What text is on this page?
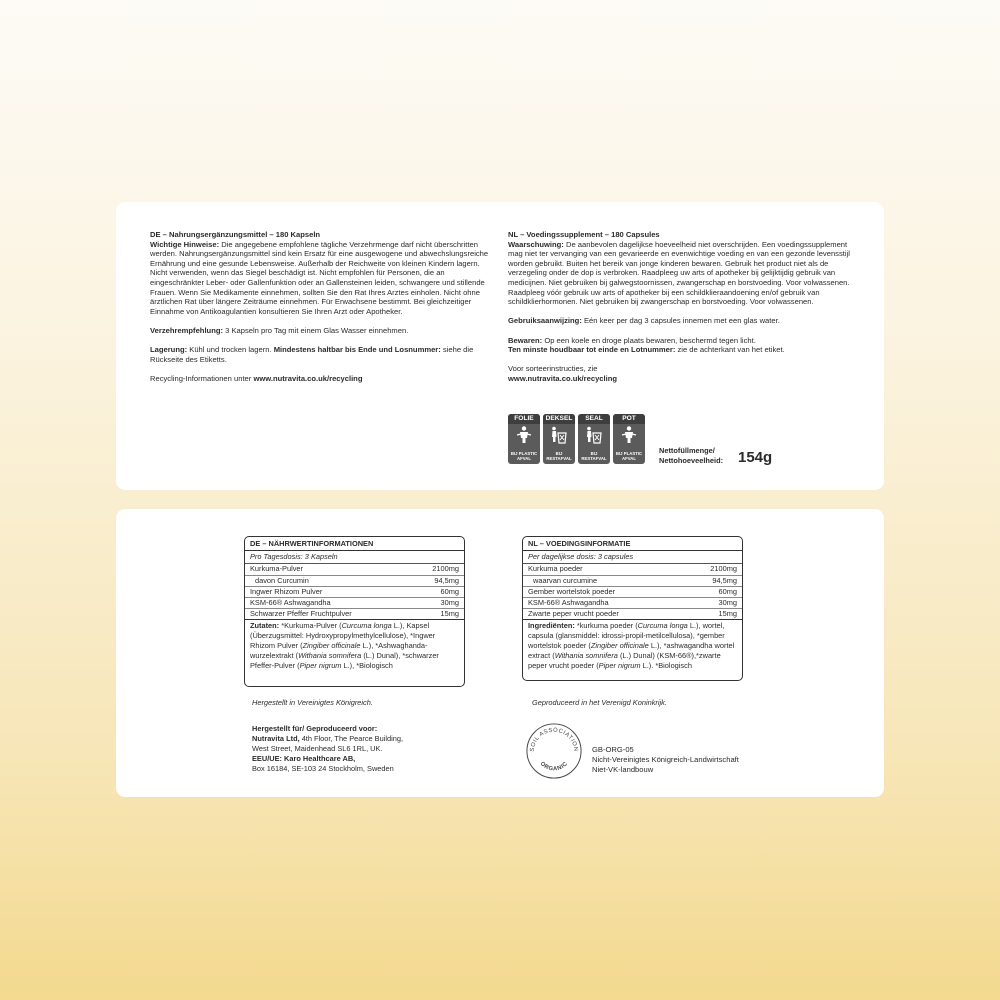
DE – Nahrungsergänzungsmittel – 180 Kapseln

Wichtige Hinweise: Die angegebene empfohlene tägliche Verzehrmenge darf nicht überschritten werden. Nahrungsergänzungsmittel sind kein Ersatz für eine ausgewogene und abwechslungsreiche Ernährung und eine gesunde Lebensweise. Außerhalb der Reichweite von kleinen Kindern lagern. Nicht verwenden, wenn das Siegel beschädigt ist. Nicht empfohlen für Personen, die an eingeschränkter Leber- oder Gallenfunktion oder an Gallensteinen leiden, schwangere und stillende Frauen. Wenn Sie Medikamente einnehmen, sollten Sie den Rat Ihres Arztes einholen. Nicht ohne ärztlichen Rat über längere Zeiträume einnehmen. Für Erwachsene bestimmt. Bei gleichzeitiger Einnahme von Antikoagulantien konsultieren Sie Ihren Arzt oder Apotheker.

Verzehrempfehlung: 3 Kapseln pro Tag mit einem Glas Wasser einnehmen.

Lagerung: Kühl und trocken lagern. Mindestens haltbar bis Ende und Losnummer: siehe die Rückseite des Etiketts.

Recycling-Informationen unter www.nutravita.co.uk/recycling

NL – Voedingssupplement – 180 Capsules

Waarschuwing: De aanbevolen dagelijkse hoeveelheid niet overschrijden. Een voedingssupplement mag niet ter vervanging van een gevarieerde en evenwichtige voeding en van een gezonde levensstijl worden gebruikt. Buiten het bereik van jonge kinderen bewaren. Gebruik het product niet als de verzegeling onder de dop is verbroken. Raadpleeg uw arts of apotheker bij gelijktijdig gebruik van medicijnen. Niet gebruiken bij galwegstoornissen, zwangerschap en borstvoeding. Voor volwassenen. Raadpleeg vóór gebruik uw arts of apotheker bij een schildklieraandoening en/of gebruik van schildklierhormonen. Niet gebruiken bij zwangerschap en borstvoeding. Voor volwassenen.

Gebruiksaanwijzing: Eén keer per dag 3 capsules innemen met een glas water.

Bewaren: Op een koele en droge plaats bewaren, beschermd tegen licht.
Ten minste houdbaar tot einde en Lotnummer: zie de achterkant van het etiket.

Voor sorteerinstructies, zie

www.nutravita.co.uk/recycling

FOLIE
BIJ PLASTIC AFVAL
DEKSEL
BIJ RESTAFVAL
SEAL
BIJ RESTAFVAL
POT
BIJ PLASTIC AFVAL
Nettofüllmenge/ Nettohoeveelheid: 154g
DE – NÄHRWERTINFORMATIONEN
Pro Tagesdosis: 3 Kapseln
Kurkuma-Pulver	2100mg
davon Curcumin	94,5mg
Ingwer Rhizom Pulver	60mg
KSM-66® Ashwagandha	30mg
Schwarzer Pfeffer Fruchtpulver	15mg
Zutaten: *Kurkuma-Pulver (Curcuma longa L.), Kapsel (Überzugsmittel: Hydroxypropylmethylcellulose), *Ingwer Rhizom Pulver (Zingiber officinale L.), *Ashwaghanda-wurzelextrakt (Withania somnifera (L.) Dunal), *schwarzer Pfeffer-Pulver (Piper nigrum L.), *Biologisch
NL – VOEDINGSINFORMATIE
Per dagelijkse dosis: 3 capsules
Kurkuma poeder	2100mg
waarvan curcumine	94,5mg
Gember wortelstok poeder	60mg
KSM-66® Ashwagandha	30mg
Zwarte peper vrucht poeder	15mg
Ingrediënten: *kurkuma poeder (Curcuma longa L.), wortel, capsula (glansmiddel: idrossi-propil-metilcellulosa), *gember wortelstok poeder (Zingiber officinale L.), *ashwagandha wortel extract (Withania somnifera (L.) Dunal) (KSM-66®),*zwarte peper vrucht poeder (Piper nigrum L.). *Biologisch
Hergestellt in Vereinigtes Königreich.	Geproduceerd in het Verenigd Koninkrijk.

Hergestellt für/ Geproduceerd voor:

Nutravita Ltd, 4th Floor, The Pearce Building,

West Street, Maidenhead SL6 1RL, UK.

EEU/UE: Karo Healthcare AB,

Box 16184, SE-103 24 Stockholm, Sweden

SOIL ASSOCIATION
ORGANIC

GB-ORG-05

Nicht-Vereinigtes Königreich-Landwirtschaft

Niet-VK-landbouw
